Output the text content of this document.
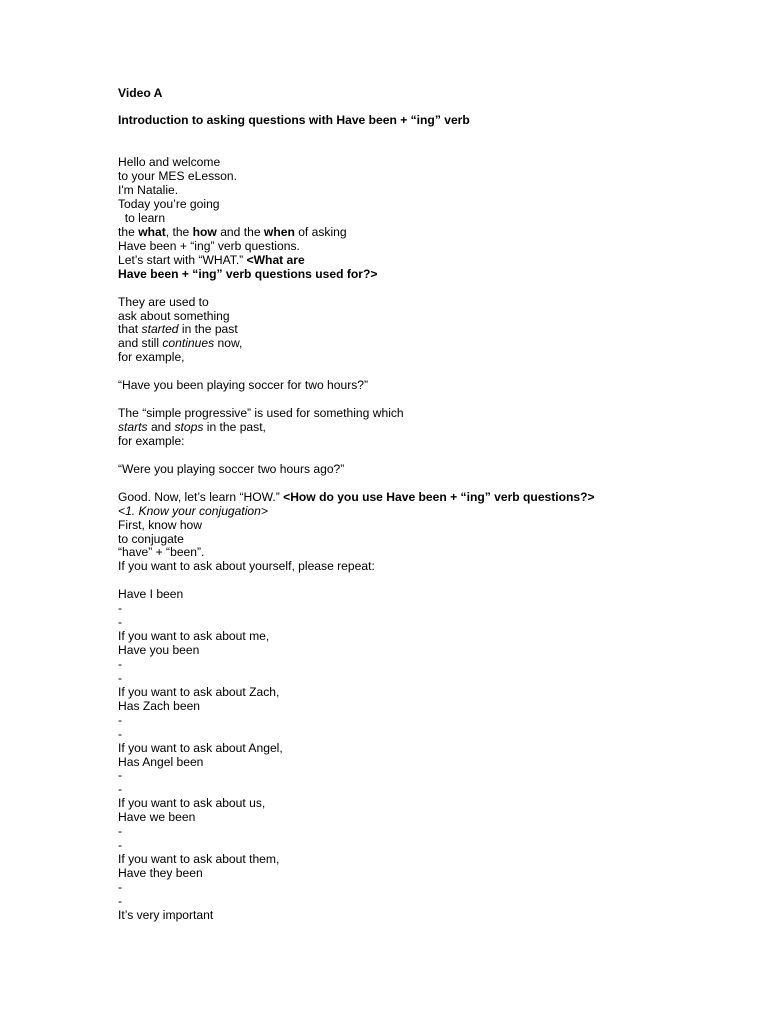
Video A
Introduction to asking questions with Have been + “ing” verb
Hello and welcome
to your MES eLesson.
I'm Natalie.
Today you’re going
to learn
the what, the how and the when of asking
Have been + “ing” verb questions.
Let’s start with “WHAT.” <What are
Have been + “ing” verb questions used for?>
They are used to
ask about something
that started in the past
and still continues now,
for example,
“Have you been playing soccer for two hours?”
The “simple progressive” is used for something which
starts and stops in the past,
for example:
“Were you playing soccer two hours ago?”
Good. Now, let’s learn “HOW.” <How do you use Have been + “ing” verb questions?>
<1. Know your conjugation>
First, know how
to conjugate
“have” + “been”.
If you want to ask about yourself, please repeat:
Have I been
-
-
If you want to ask about me,
Have you been
-
-
If you want to ask about Zach,
Has Zach been
-
-
If you want to ask about Angel,
Has Angel been
-
-
If you want to ask about us,
Have we been
-
-
If you want to ask about them,
Have they been
-
-
It’s very important
